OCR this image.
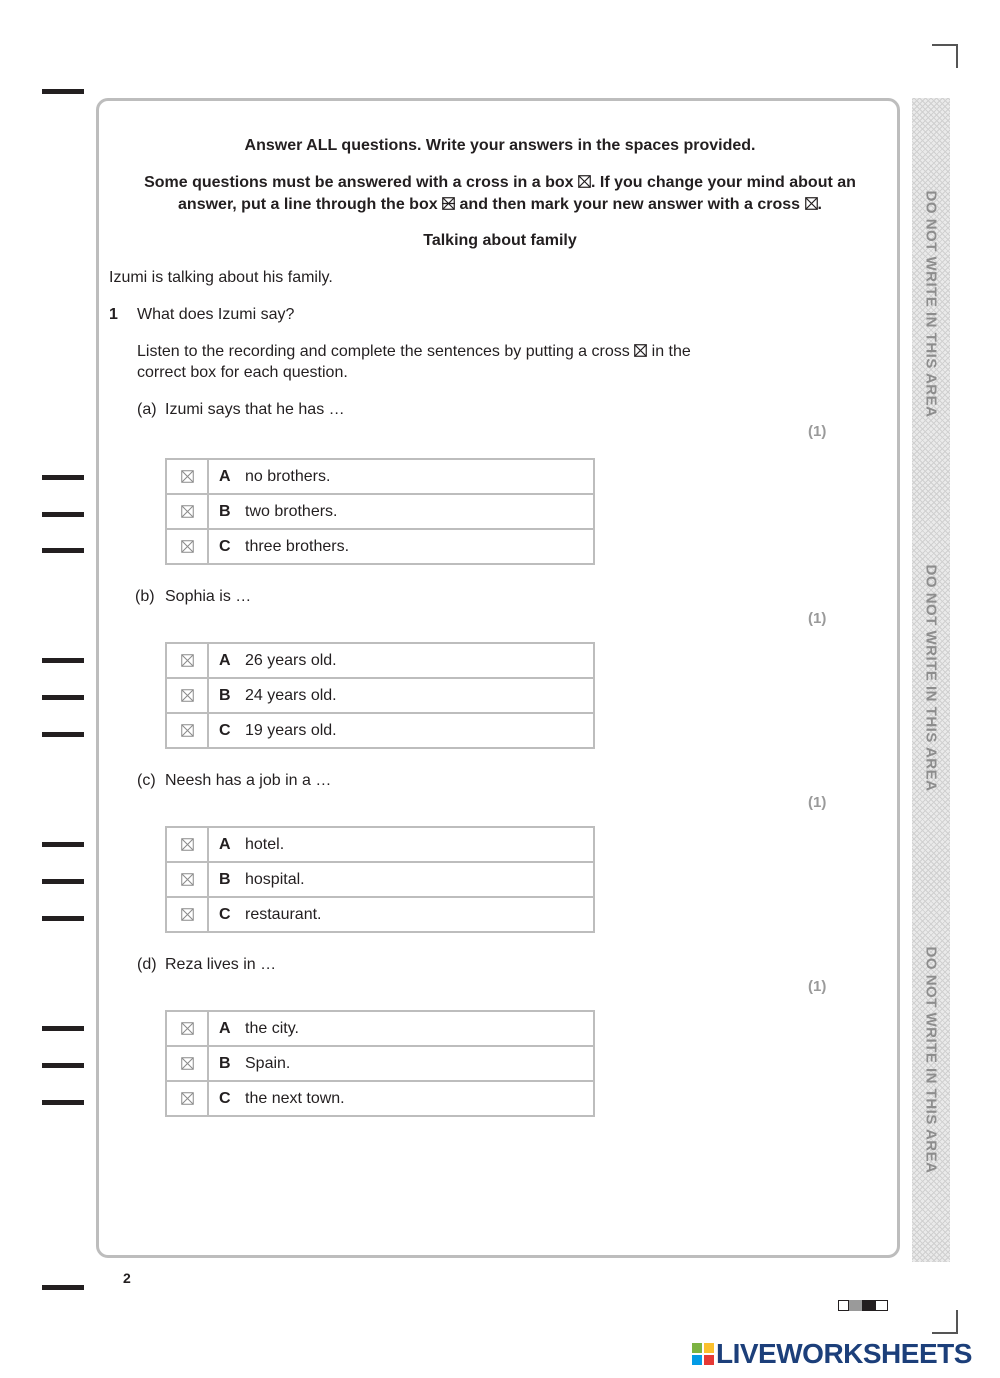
DO NOT WRITE IN THIS AREA
DO NOT WRITE IN THIS AREA
DO NOT WRITE IN THIS AREA
Answer ALL questions. Write your answers in the spaces provided.
Some questions must be answered with a cross in a box ☒. If you change your mind about an
answer, put a line through the box and then mark your new answer with a cross ☒.
Talking about family
Izumi is talking about his family.
1 What does Izumi say?
Listen to the recording and complete the sentences by putting a cross ☒ in the
correct box for each question.
(a) Izumi says that he has …
(1)
	A no brothers.
	B two brothers.
	C three brothers.
(b) Sophia is …
(1)
	A 26 years old.
	B 24 years old.
	C 19 years old.
(c) Neesh has a job in a …
(1)
	A hotel.
	B hospital.
	C restaurant.
(d) Reza lives in …
(1)
	A the city.
	B Spain.
	C the next town.
2
LIVEWORKSHEETS
